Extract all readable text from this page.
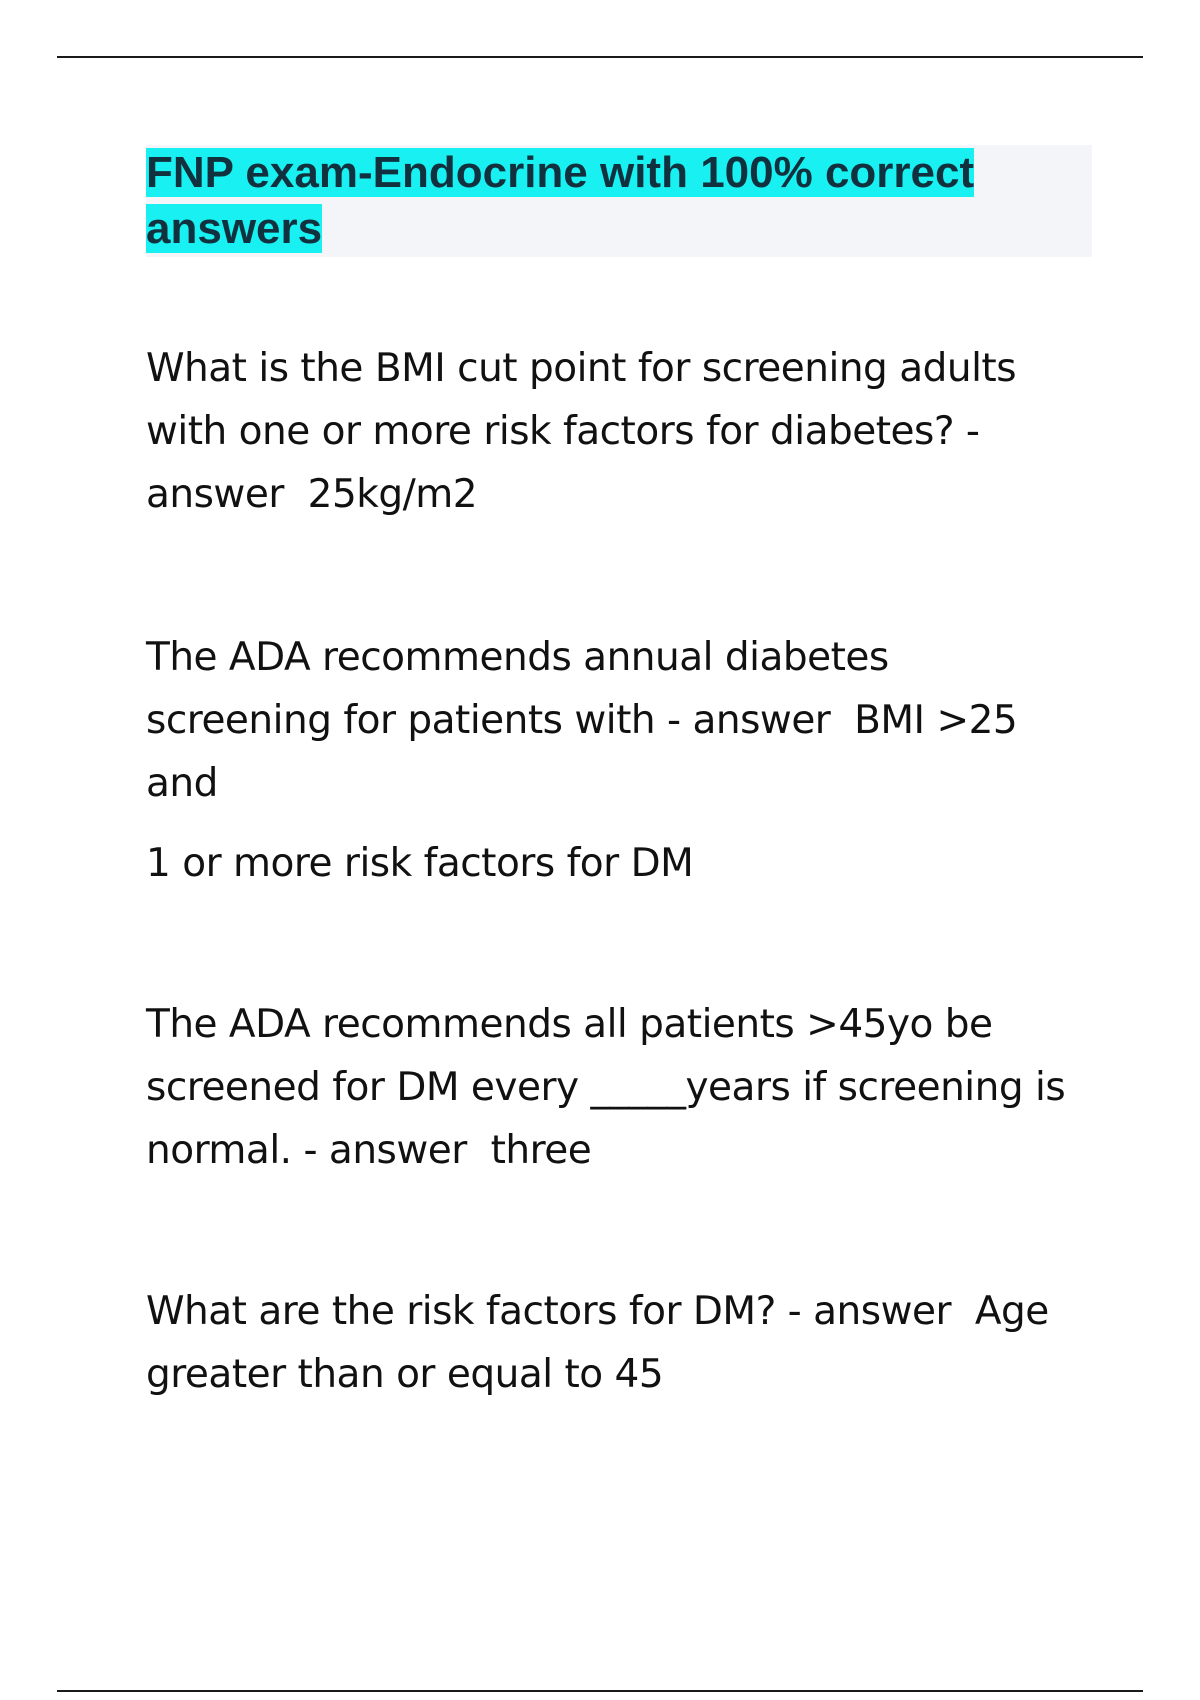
FNP exam-Endocrine with 100% correct answers

What is the BMI cut point for screening adults with one or more risk factors for diabetes? - answer 25kg/m2

The ADA recommends annual diabetes screening for patients with - answer BMI >25 and

1 or more risk factors for DM

The ADA recommends all patients >45yo be screened for DM every _____years if screening is normal. - answer three

What are the risk factors for DM? - answer Age greater than or equal to 45
